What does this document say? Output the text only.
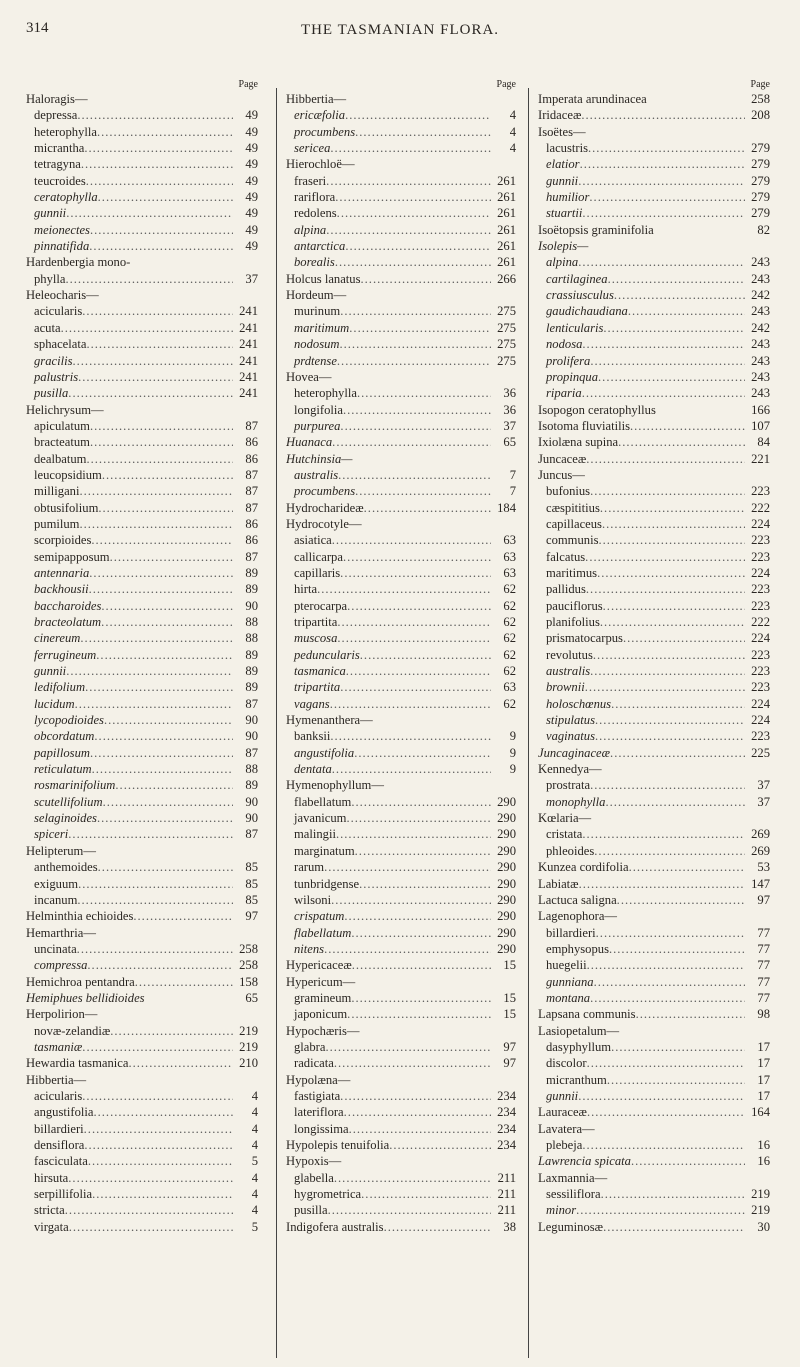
314	THE TASMANIAN FLORA.
Page
Haloragis—
depressa .....	49
heterophylla .....	49
micrantha .....	49
tetragyna .....	49
teucroides .....	49
ceratophylla .....	49
gunnii .....	49
meionectes .....	49
pinnatifida .....	49
Hardenbergia mono-
phylla .....	37
Heleocharis—
acicularis .....	241
acuta .....	241
sphacelata .....	241
gracilis .....	241
palustris .....	241
pusilla .....	241
Helichrysum—
apiculatum .....	87
bracteatum .....	86
dealbatum .....	86
leucopsidium .....	87
milligani .....	87
obtusifolium .....	87
pumilum .....	86
scorpioides .....	86
semipapposum .....	87
antennaria .....	89
backhousii .....	89
baccharoides .....	90
bracteolatum .....	88
cinereum .....	88
ferrugineum .....	89
gunnii .....	89
ledifolium .....	89
lucidum .....	87
lycopodioides .....	90
obcordatum .....	90
papillosum .....	87
reticulatum .....	88
rosmarinifolium .....	89
scutellifolium .....	90
selaginoides .....	90
spiceri .....	87
Helipterum—
anthemoides .....	85
exiguum .....	85
incanum .....	85
Helminthia echioides .....	97
Hemarthria—
uncinata .....	258
compressa .....	258
Hemichroa pentandra .....	158
Hemiphues bellidioides	65
Herpolirion—
novæ-zelandiæ .....	219
tasmaniæ .....	219
Hewardia tasmanica .....	210
Hibbertia—
acicularis .....	4
angustifolia .....	4
billardieri .....	4
densiflora .....	4
fasciculata .....	5
hirsuta .....	4
serpillifolia .....	4
stricta .....	4
virgata .....	5
Page
Hibbertia—
ericæfolia .....	4
procumbens .....	4
sericea .....	4
Hierochloë—
fraseri .....	261
rariflora .....	261
redolens .....	261
alpina .....	261
antarctica .....	261
borealis .....	261
Holcus lanatus .....	266
Hordeum—
murinum .....	275
maritimum .....	275
nodosum .....	275
prdtense .....	275
Hovea—
heterophylla .....	36
longifolia .....	36
purpurea .....	37
Huanaca .....	65
Hutchinsia—
australis .....	7
procumbens .....	7
Hydrocharideæ .....	184
Hydrocotyle—
asiatica .....	63
callicarpa .....	63
capillaris .....	63
hirta .....	62
pterocarpa .....	62
tripartita .....	62
muscosa .....	62
peduncularis .....	62
tasmanica .....	62
tripartita .....	63
vagans .....	62
Hymenanthera—
banksii .....	9
angustifolia .....	9
dentata .....	9
Hymenophyllum—
flabellatum .....	290
javanicum .....	290
malingii .....	290
marginatum .....	290
rarum .....	290
tunbridgense .....	290
wilsoni .....	290
crispatum .....	290
flabellatum .....	290
nitens .....	290
Hypericaceæ .....	15
Hypericum—
gramineum .....	15
japonicum .....	15
Hypochæris—
glabra .....	97
radicata .....	97
Hypolæna—
fastigiata .....	234
lateriflora .....	234
longissima .....	234
Hypolepis tenuifolia .....	234
Hypoxis—
glabella .....	211
hygrometrica .....	211
pusilla .....	211
Indigofera australis .....	38
Page
Imperata arundinacea	258
Iridaceæ .....	208
Isoëtes—
lacustris .....	279
elatior .....	279
gunnii .....	279
humilior .....	279
stuartii .....	279
Isoëtopsis graminifolia	82
Isolepis—
alpina .....	243
cartilaginea .....	243
crassiusculus .....	242
gaudichaudiana .....	243
lenticularis .....	242
nodosa .....	243
prolifera .....	243
propinqua .....	243
riparia .....	243
Isopogon ceratophyllus	166
Isotoma fluviatilis .....	107
Ixiolæna supina .....	84
Juncaceæ .....	221
Juncus—
bufonius .....	223
cæspititius .....	222
capillaceus .....	224
communis .....	223
falcatus .....	223
maritimus .....	224
pallidus .....	223
pauciflorus .....	223
planifolius .....	222
prismatocarpus .....	224
revolutus .....	223
australis .....	223
brownii .....	223
holoschœnus .....	224
stipulatus .....	224
vaginatus .....	223
Juncaginaceæ .....	225
Kennedya—
prostrata .....	37
monophylla .....	37
Kœlaria—
cristata .....	269
phleoides .....	269
Kunzea cordifolia .....	53
Labiatæ .....	147
Lactuca saligna .....	97
Lagenophora—
billardieri .....	77
emphysopus .....	77
huegelii .....	77
gunniana .....	77
montana .....	77
Lapsana communis .....	98
Lasiopetalum—
dasyphyllum .....	17
discolor .....	17
micranthum .....	17
gunnii .....	17
Lauraceæ .....	164
Lavatera—
plebeja .....	16
Lawrencia spicata .....	16
Laxmannia—
sessiliflora .....	219
minor .....	219
Leguminosæ .....	30
